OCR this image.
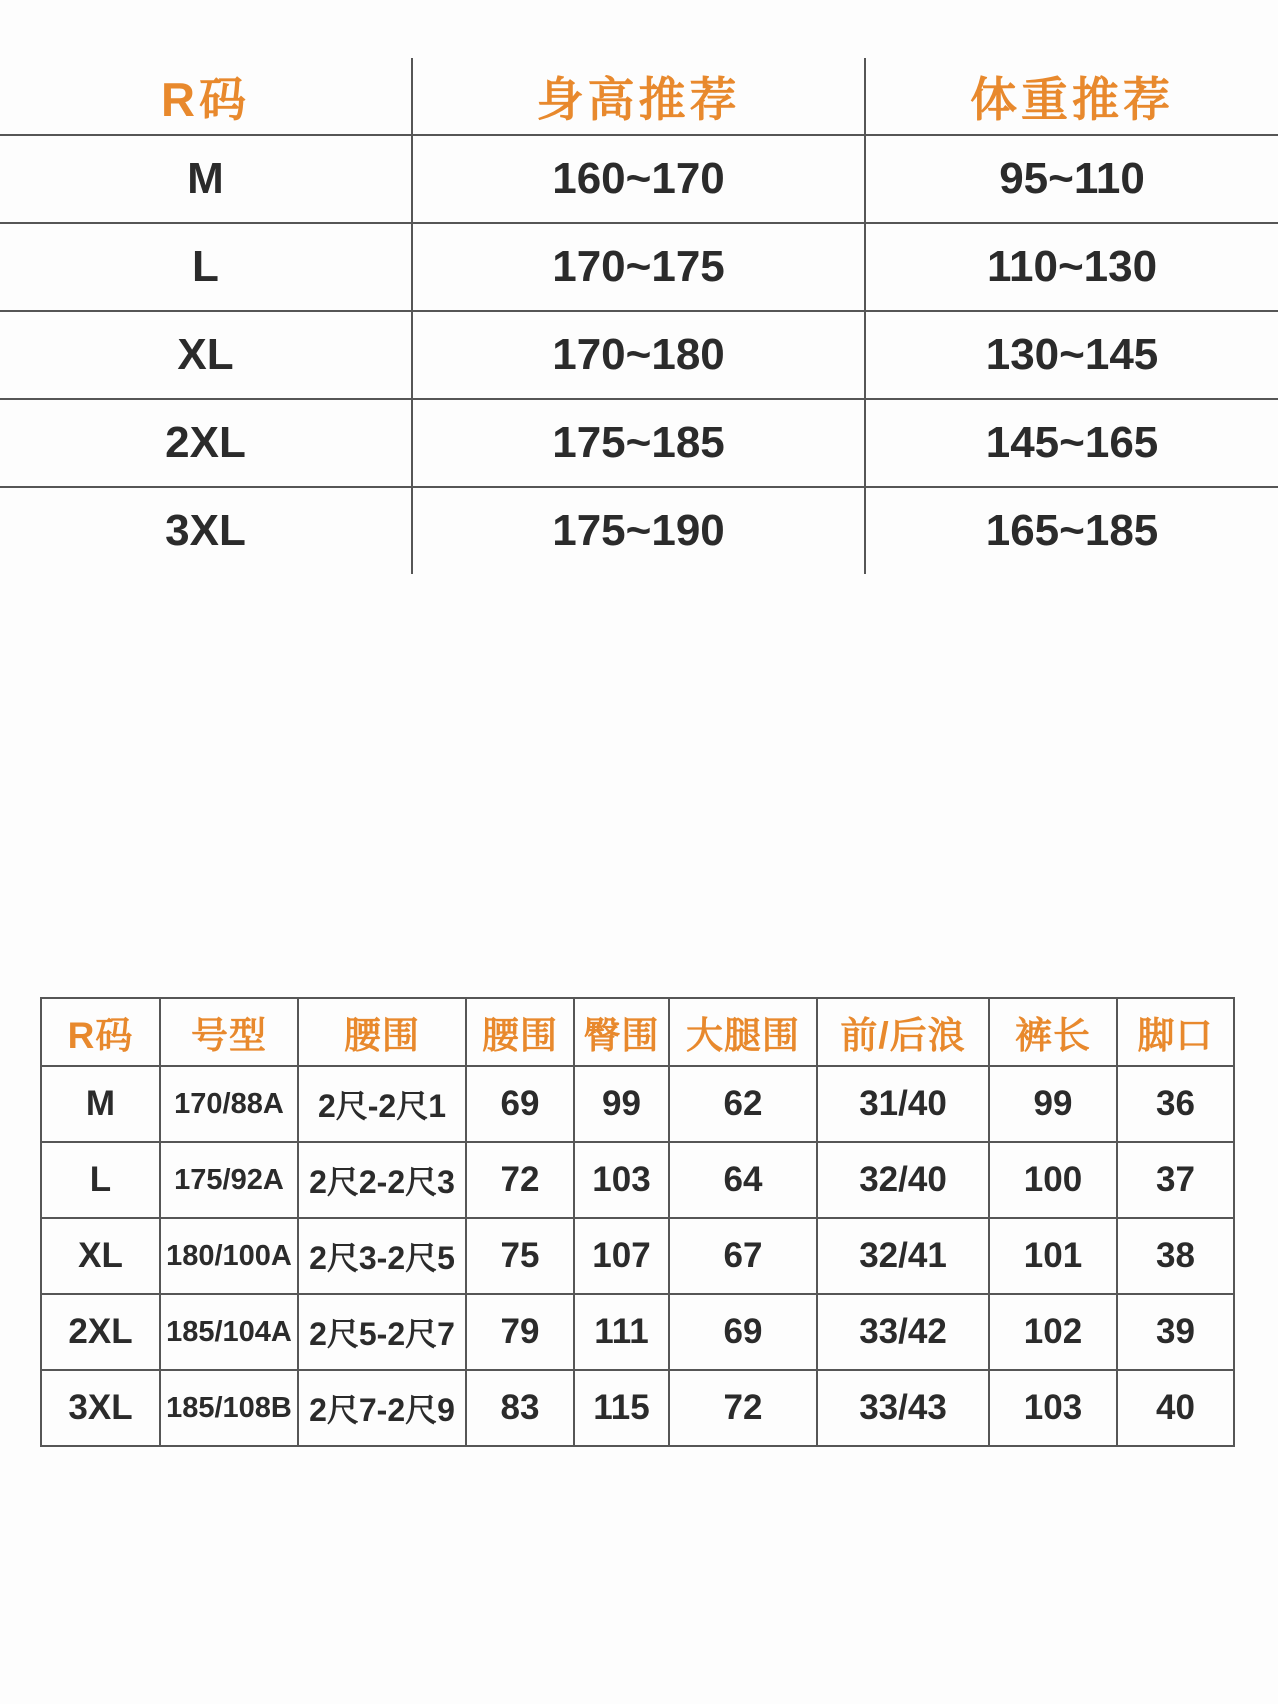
R码	身高推荐	体重推荐
M	160~170	95~110
L	170~175	110~130
XL	170~180	130~145
2XL	175~185	145~165
3XL	175~190	165~185
R码	号型	腰围	腰围	臀围	大腿围	前/后浪	裤长	脚口
M	170/88A	2尺-2尺1	69	99	62	31/40	99	36
L	175/92A	2尺2-2尺3	72	103	64	32/40	100	37
XL	180/100A	2尺3-2尺5	75	107	67	32/41	101	38
2XL	185/104A	2尺5-2尺7	79	111	69	33/42	102	39
3XL	185/108B	2尺7-2尺9	83	115	72	33/43	103	40
